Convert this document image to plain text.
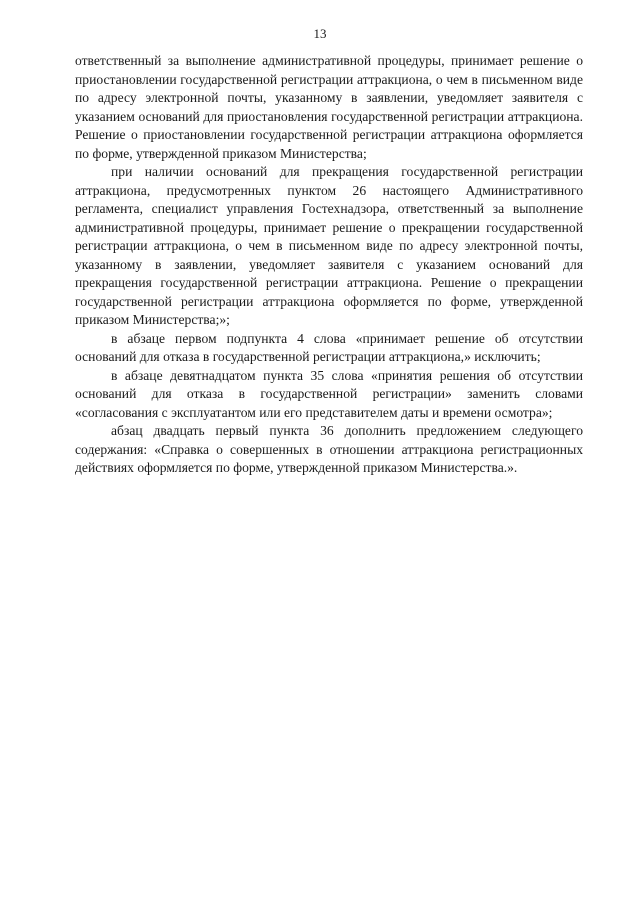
13

ответственный за выполнение административной процедуры, принимает решение о приостановлении государственной регистрации аттракциона, о чем в письменном виде по адресу электронной почты, указанному в заявлении, уведомляет заявителя с указанием оснований для приостановления государственной регистрации аттракциона. Решение о приостановлении государственной регистрации аттракциона оформляется по форме, утвержденной приказом Министерства;

при наличии оснований для прекращения государственной регистрации аттракциона, предусмотренных пунктом 26 настоящего Административного регламента, специалист управления Гостехнадзора, ответственный за выполнение административной процедуры, принимает решение о прекращении государственной регистрации аттракциона, о чем в письменном виде по адресу электронной почты, указанному в заявлении, уведомляет заявителя с указанием оснований для прекращения государственной регистрации аттракциона. Решение о прекращении государственной регистрации аттракциона оформляется по форме, утвержденной приказом Министерства;»;

в абзаце первом подпункта 4 слова «принимает решение об отсутствии оснований для отказа в государственной регистрации аттракциона,» исключить;

в абзаце девятнадцатом пункта 35 слова «принятия решения об отсутствии оснований для отказа в государственной регистрации» заменить словами «согласования с эксплуатантом или его представителем даты и времени осмотра»;

абзац двадцать первый пункта 36 дополнить предложением следующего содержания: «Справка о совершенных в отношении аттракциона регистрационных действиях оформляется по форме, утвержденной приказом Министерства.».
